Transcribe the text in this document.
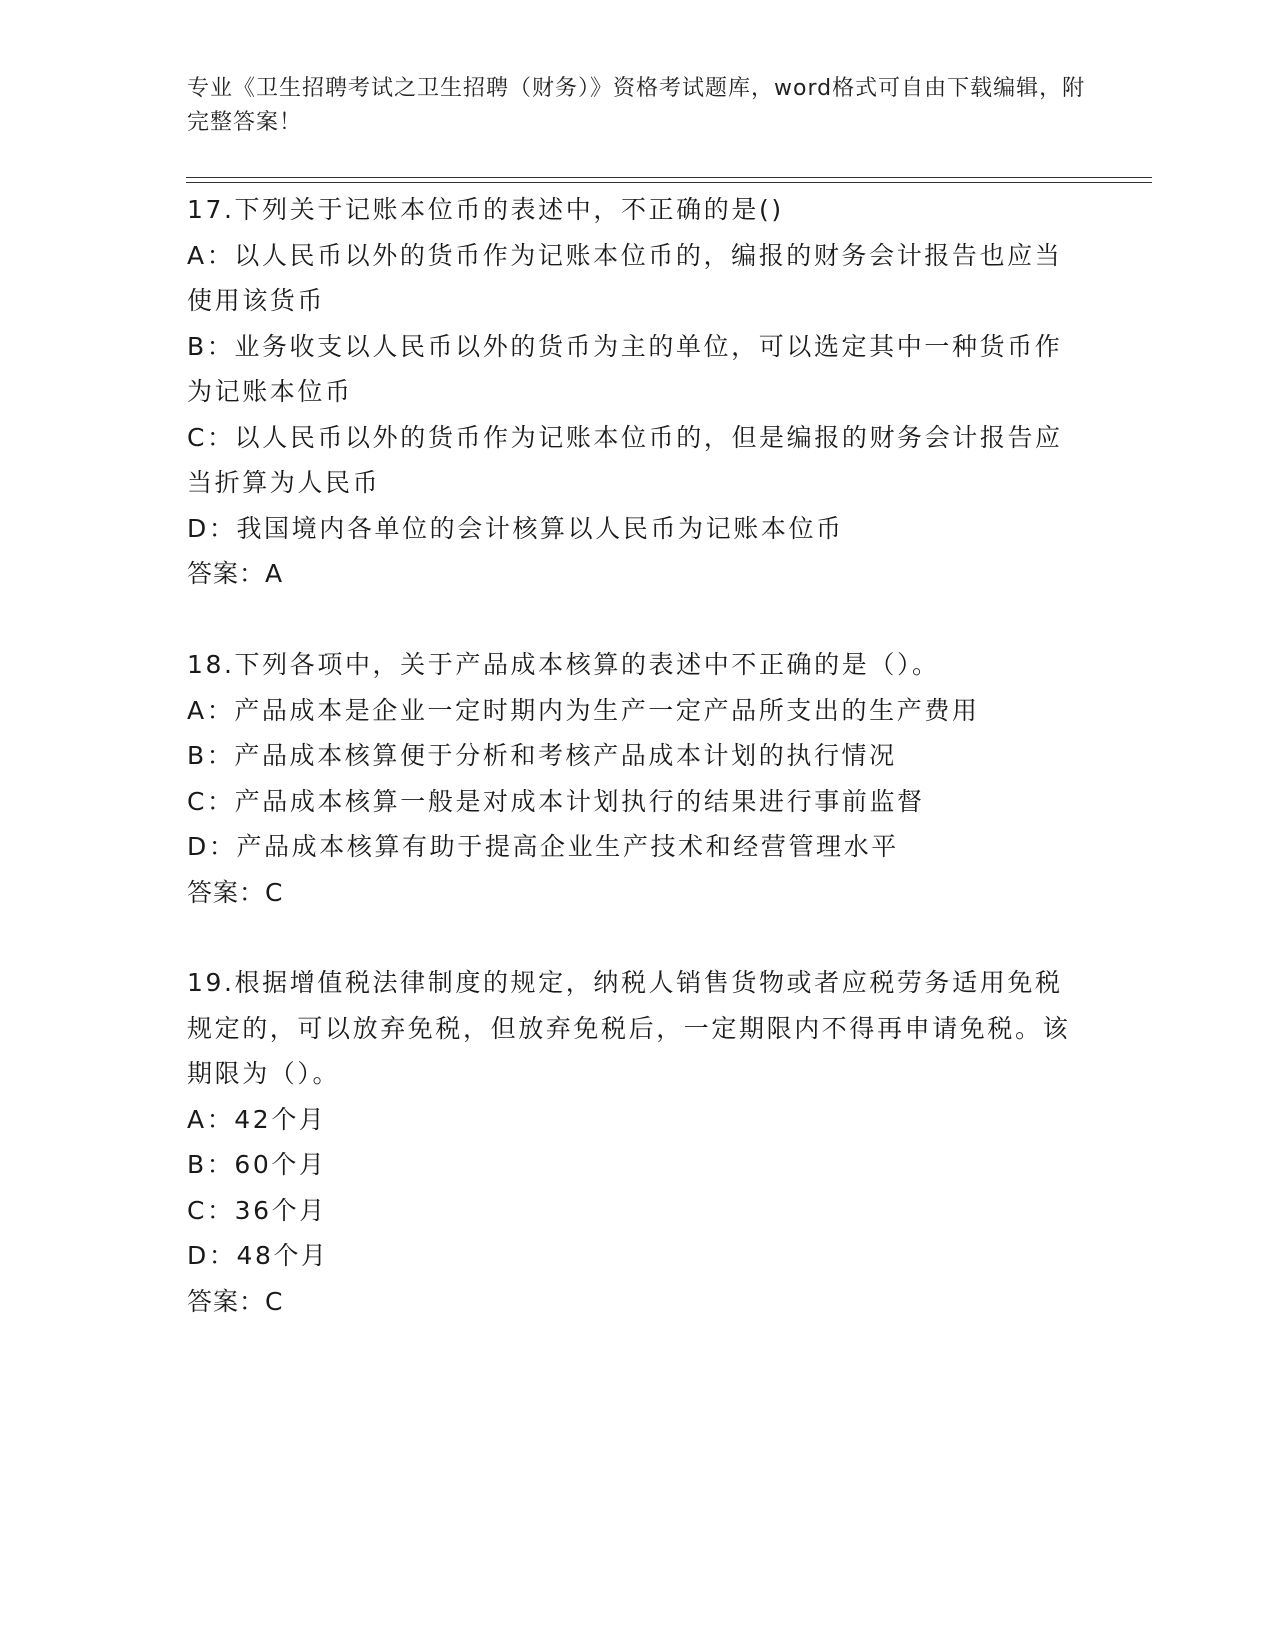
专业《卫生招聘考试之卫生招聘（财务）》资格考试题库，word格式可自由下载编辑，附完整答案！
17.下列关于记账本位币的表述中，不正确的是()
A：以人民币以外的货币作为记账本位币的，编报的财务会计报告也应当使用该货币
B：业务收支以人民币以外的货币为主的单位，可以选定其中一种货币作为记账本位币
C：以人民币以外的货币作为记账本位币的，但是编报的财务会计报告应当折算为人民币
D：我国境内各单位的会计核算以人民币为记账本位币
答案：A
18.下列各项中，关于产品成本核算的表述中不正确的是（）。
A：产品成本是企业一定时期内为生产一定产品所支出的生产费用
B：产品成本核算便于分析和考核产品成本计划的执行情况
C：产品成本核算一般是对成本计划执行的结果进行事前监督
D：产品成本核算有助于提高企业生产技术和经营管理水平
答案：C
19.根据增值税法律制度的规定，纳税人销售货物或者应税劳务适用免税规定的，可以放弃免税，但放弃免税后，一定期限内不得再申请免税。该期限为（）。
A：42个月
B：60个月
C：36个月
D：48个月
答案：C
